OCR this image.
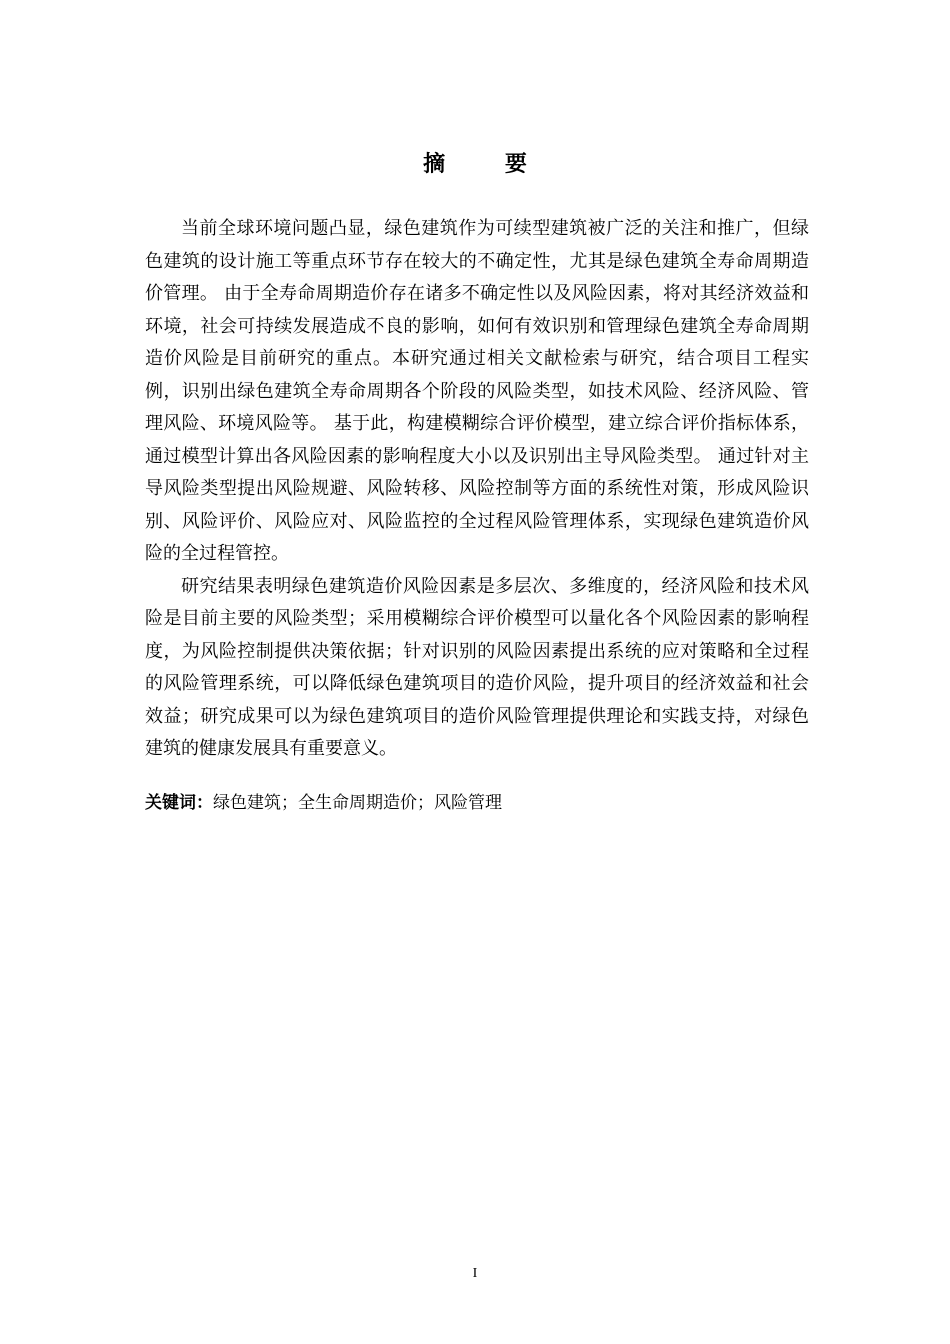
摘 要

当前全球环境问题凸显，绿色建筑作为可续型建筑被广泛的关注和推广，但绿色建筑的设计施工等重点环节存在较大的不确定性，尤其是绿色建筑全寿命周期造价管理。 由于全寿命周期造价存在诸多不确定性以及风险因素，将对其经济效益和环境，社会可持续发展造成不良的影响，如何有效识别和管理绿色建筑全寿命周期造价风险是目前研究的重点。本研究通过相关文献检索与研究，结合项目工程实例，识别出绿色建筑全寿命周期各个阶段的风险类型，如技术风险、经济风险、管理风险、环境风险等。 基于此，构建模糊综合评价模型，建立综合评价指标体系，通过模型计算出各风险因素的影响程度大小以及识别出主导风险类型。 通过针对主导风险类型提出风险规避、风险转移、风险控制等方面的系统性对策，形成风险识别、风险评价、风险应对、风险监控的全过程风险管理体系，实现绿色建筑造价风险的全过程管控。

研究结果表明绿色建筑造价风险因素是多层次、多维度的，经济风险和技术风险是目前主要的风险类型；采用模糊综合评价模型可以量化各个风险因素的影响程度，为风险控制提供决策依据；针对识别的风险因素提出系统的应对策略和全过程的风险管理系统，可以降低绿色建筑项目的造价风险，提升项目的经济效益和社会效益；研究成果可以为绿色建筑项目的造价风险管理提供理论和实践支持，对绿色建筑的健康发展具有重要意义。

关键词：绿色建筑；全生命周期造价；风险管理
I
